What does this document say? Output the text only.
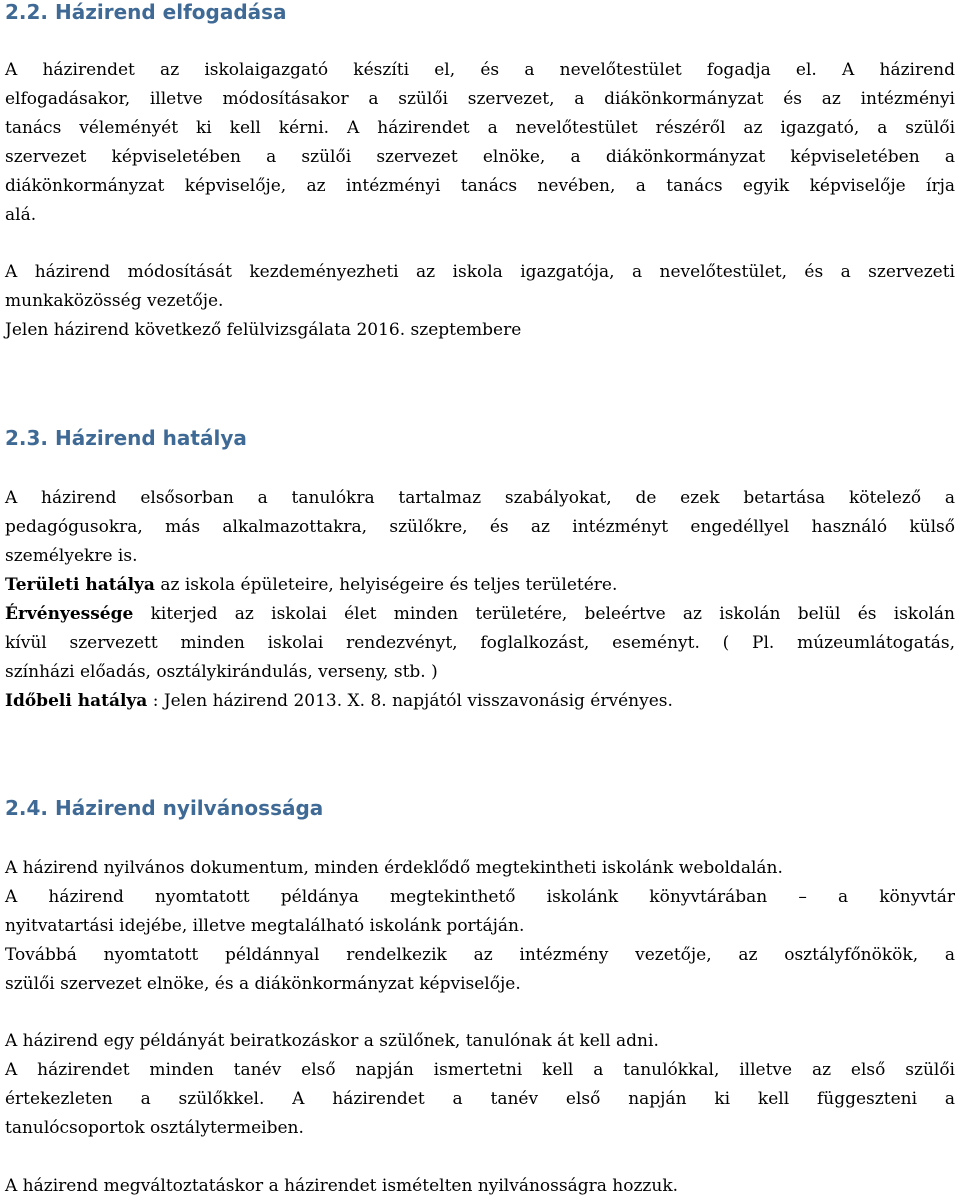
2.2. Házirend elfogadása
A házirendet az iskolaigazgató készíti el, és a nevelőtestület fogadja el. A házirend
elfogadásakor, illetve módosításakor a szülői szervezet, a diákönkormányzat és az intézményi
tanács véleményét ki kell kérni. A házirendet a nevelőtestület részéről az igazgató, a szülői
szervezet képviseletében a szülői szervezet elnöke, a diákönkormányzat képviseletében a
diákönkormányzat képviselője, az intézményi tanács nevében, a tanács egyik képviselője írja
alá.
A házirend módosítását kezdeményezheti az iskola igazgatója, a nevelőtestület, és a szervezeti
munkaközösség vezetője.
Jelen házirend következő felülvizsgálata 2016. szeptembere
2.3. Házirend hatálya
A házirend elsősorban a tanulókra tartalmaz szabályokat, de ezek betartása kötelező a
pedagógusokra, más alkalmazottakra, szülőkre, és az intézményt engedéllyel használó külső
személyekre is.
Területi hatálya az iskola épületeire, helyiségeire és teljes területére.
Érvényessége kiterjed az iskolai élet minden területére, beleértve az iskolán belül és iskolán
kívül szervezett minden iskolai rendezvényt, foglalkozást, eseményt. ( Pl. múzeumlátogatás,
színházi előadás, osztálykirándulás, verseny, stb. )
Időbeli hatálya : Jelen házirend 2013. X. 8. napjától visszavonásig érvényes.
2.4. Házirend nyilvánossága
A házirend nyilvános dokumentum, minden érdeklődő megtekintheti iskolánk weboldalán.
A házirend nyomtatott példánya megtekinthető iskolánk könyvtárában – a könyvtár
nyitvatartási idejébe, illetve megtalálható iskolánk portáján.
Továbbá nyomtatott példánnyal rendelkezik az intézmény vezetője, az osztályfőnökök, a
szülői szervezet elnöke, és a diákönkormányzat képviselője.
A házirend egy példányát beiratkozáskor a szülőnek, tanulónak át kell adni.
A házirendet minden tanév első napján ismertetni kell a tanulókkal, illetve az első szülői
értekezleten a szülőkkel. A házirendet a tanév első napján ki kell függeszteni a
tanulócsoportok osztálytermeiben.
A házirend megváltoztatáskor a házirendet ismételten nyilvánosságra hozzuk.
